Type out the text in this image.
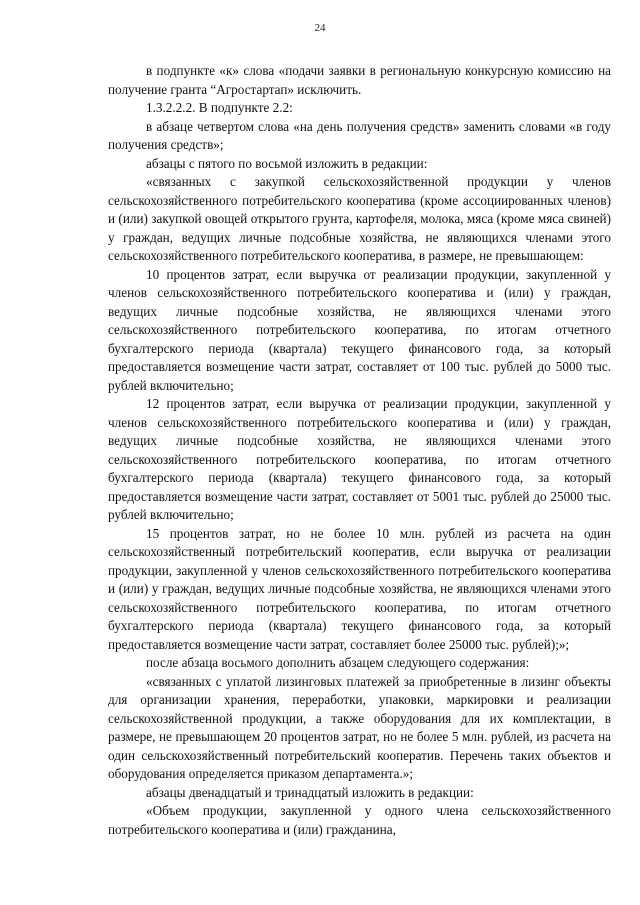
24

в подпункте «к» слова «подачи заявки в региональную конкурсную комиссию на получение гранта “Агростартап» исключить.

1.3.2.2.2. В подпункте 2.2:

в абзаце четвертом слова «на день получения средств» заменить словами «в году получения средств»;

абзацы с пятого по восьмой изложить в редакции:

«связанных с закупкой сельскохозяйственной продукции у членов сельскохозяйственного потребительского кооператива (кроме ассоциированных членов) и (или) закупкой овощей открытого грунта, картофеля, молока, мяса (кроме мяса свиней) у граждан, ведущих личные подсобные хозяйства, не являющихся членами этого сельскохозяйственного потребительского кооператива, в размере, не превышающем:

10 процентов затрат, если выручка от реализации продукции, закупленной у членов сельскохозяйственного потребительского кооператива и (или) у граждан, ведущих личные подсобные хозяйства, не являющихся членами этого сельскохозяйственного потребительского кооператива, по итогам отчетного бухгалтерского периода (квартала) текущего финансового года, за который предоставляется возмещение части затрат, составляет от 100 тыс. рублей до 5000 тыс. рублей включительно;

12 процентов затрат, если выручка от реализации продукции, закупленной у членов сельскохозяйственного потребительского кооператива и (или) у граждан, ведущих личные подсобные хозяйства, не являющихся членами этого сельскохозяйственного потребительского кооператива, по итогам отчетного бухгалтерского периода (квартала) текущего финансового года, за который предоставляется возмещение части затрат, составляет от 5001 тыс. рублей до 25000 тыс. рублей включительно;

15 процентов затрат, но не более 10 млн. рублей из расчета на один сельскохозяйственный потребительский кооператив, если выручка от реализации продукции, закупленной у членов сельскохозяйственного потребительского кооператива и (или) у граждан, ведущих личные подсобные хозяйства, не являющихся членами этого сельскохозяйственного потребительского кооператива, по итогам отчетного бухгалтерского периода (квартала) текущего финансового года, за который предоставляется возмещение части затрат, составляет более 25000 тыс. рублей);»;

после абзаца восьмого дополнить абзацем следующего содержания:

«связанных с уплатой лизинговых платежей за приобретенные в лизинг объекты для организации хранения, переработки, упаковки, маркировки и реализации сельскохозяйственной продукции, а также оборудования для их комплектации, в размере, не превышающем 20 процентов затрат, но не более 5 млн. рублей, из расчета на один сельскохозяйственный потребительский кооператив. Перечень таких объектов и оборудования определяется приказом департамента.»;

абзацы двенадцатый и тринадцатый изложить в редакции:

«Объем продукции, закупленной у одного члена сельскохозяйственного потребительского кооператива и (или) гражданина,
